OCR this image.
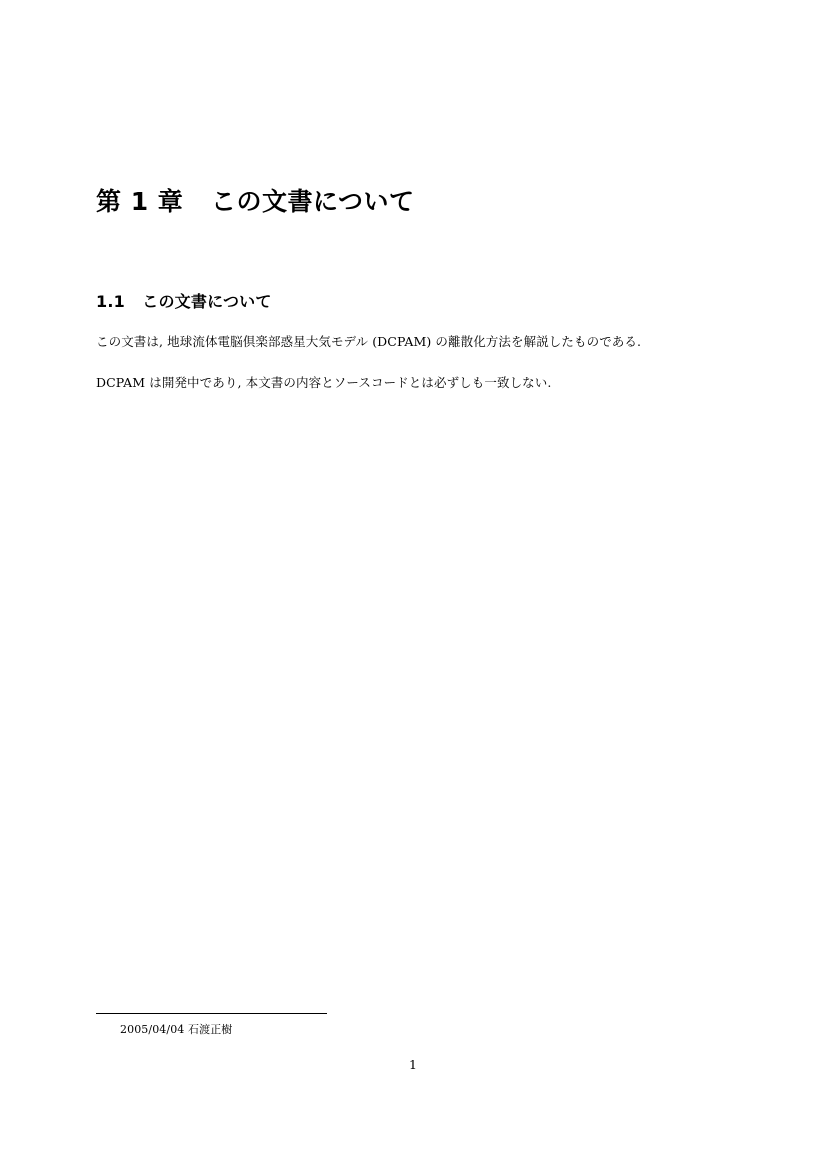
第 1 章 この文書について
1.1 この文書について

この文書は, 地球流体電脳倶楽部惑星大気モデル (DCPAM) の離散化方法を解説したものである.

DCPAM は開発中であり, 本文書の内容とソースコードとは必ずしも一致しない.

2005/04/04 石渡正樹

1
